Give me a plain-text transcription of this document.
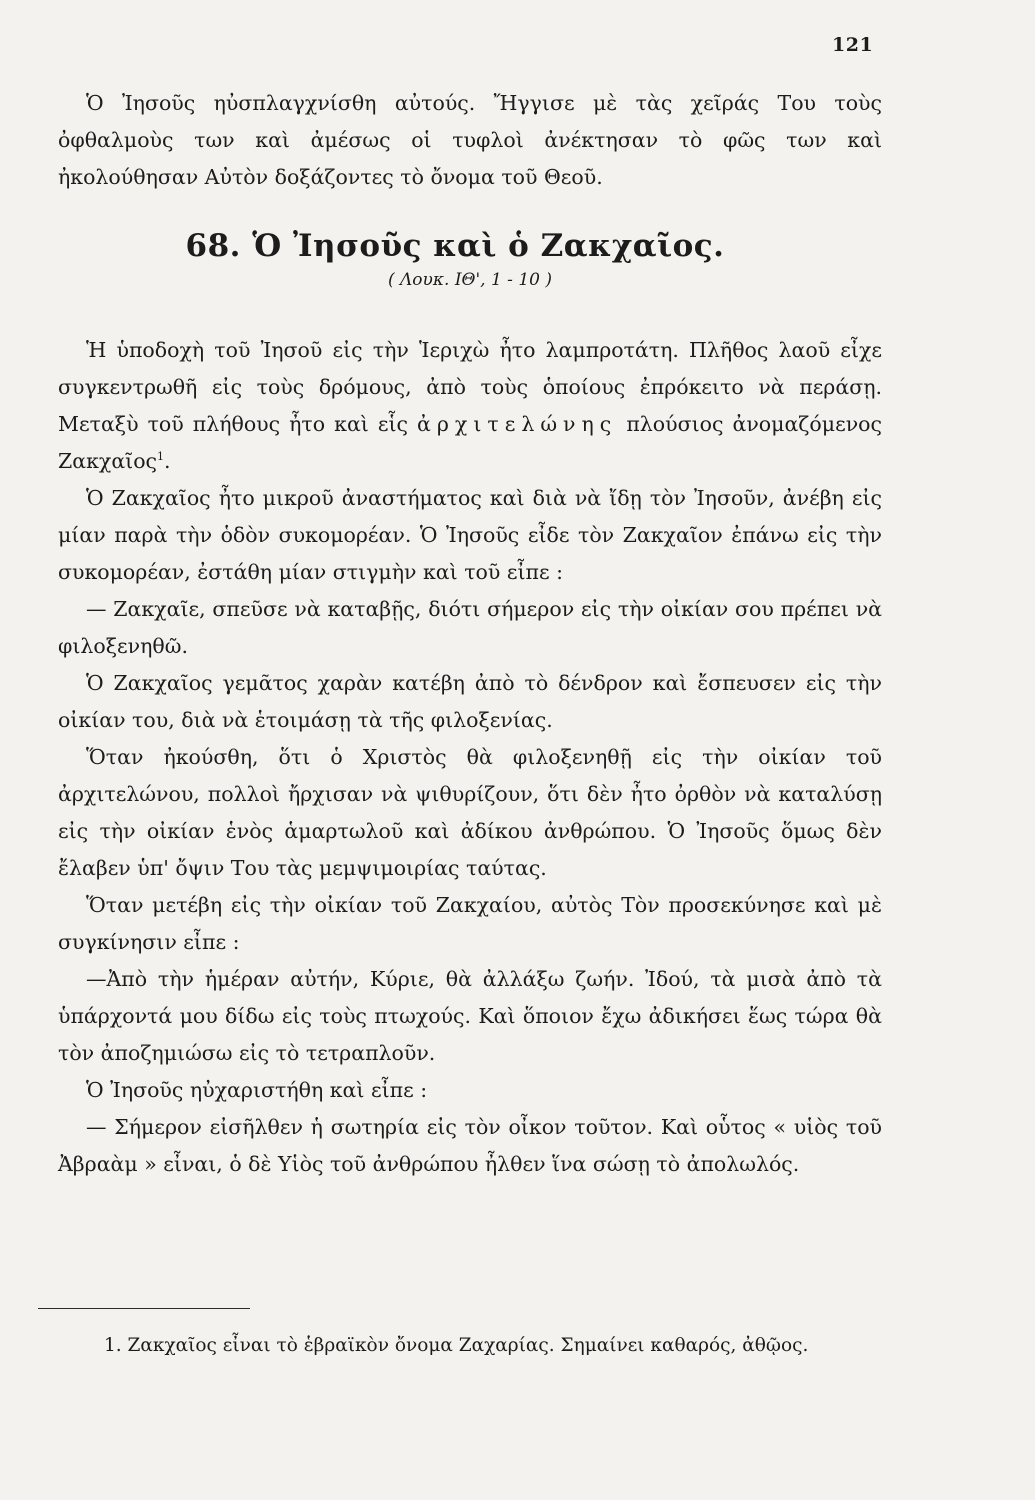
121

Ὁ Ἰησοῦς ηὐσπλαγχνίσθη αὐτούς. Ἤγγισε μὲ τὰς χεῖράς Του τοὺς ὀφθαλμοὺς των καὶ ἀμέσως οἱ τυφλοὶ ἀνέκτησαν τὸ φῶς των καὶ ἠκολούθησαν Αὐτὸν δοξάζοντες τὸ ὄνομα τοῦ Θεοῦ.

68. Ὁ Ἰησοῦς καὶ ὁ Ζακχαῖος.
( Λουκ. ΙΘ', 1 - 10 )

Ἡ ὑποδοχὴ τοῦ Ἰησοῦ εἰς τὴν Ἱεριχὼ ἦτο λαμπροτάτη. Πλῆθος λαοῦ εἶχε συγκεντρωθῆ εἰς τοὺς δρόμους, ἀπὸ τοὺς ὁποίους ἐπρόκειτο νὰ περάσῃ. Μεταξὺ τοῦ πλήθους ἦτο καὶ εἷς ἀρχιτελώνης πλούσιος ἀνομαζόμενος Ζακχαῖος$^1$.

Ὁ Ζακχαῖος ἦτο μικροῦ ἀναστήματος καὶ διὰ νὰ ἴδῃ τὸν Ἰησοῦν, ἀνέβη εἰς μίαν παρὰ τὴν ὁδὸν συκομορέαν. Ὁ Ἰησοῦς εἶδε τὸν Ζακχαῖον ἐπάνω εἰς τὴν συκομορέαν, ἐστάθη μίαν στιγμὴν καὶ τοῦ εἶπε :

— Ζακχαῖε, σπεῦσε νὰ καταβῇς, διότι σήμερον εἰς τὴν οἰκίαν σου πρέπει νὰ φιλοξενηθῶ.

Ὁ Ζακχαῖος γεμᾶτος χαρὰν κατέβη ἀπὸ τὸ δένδρον καὶ ἔσπευσεν εἰς τὴν οἰκίαν του, διὰ νὰ ἑτοιμάσῃ τὰ τῆς φιλοξενίας.

Ὅταν ἠκούσθη, ὅτι ὁ Χριστὸς θὰ φιλοξενηθῇ εἰς τὴν οἰκίαν τοῦ ἀρχιτελώνου, πολλοὶ ἤρχισαν νὰ ψιθυρίζουν, ὅτι δὲν ἦτο ὀρθὸν νὰ καταλύσῃ εἰς τὴν οἰκίαν ἑνὸς ἁμαρτωλοῦ καὶ ἀδίκου ἀνθρώπου. Ὁ Ἰησοῦς ὅμως δὲν ἔλαβεν ὑπ' ὄψιν Του τὰς μεμψιμοιρίας ταύτας.

Ὅταν μετέβη εἰς τὴν οἰκίαν τοῦ Ζακχαίου, αὐτὸς Τὸν προσεκύνησε καὶ μὲ συγκίνησιν εἶπε :

—Ἀπὸ τὴν ἡμέραν αὐτήν, Κύριε, θὰ ἀλλάξω ζωήν. Ἰδού, τὰ μισὰ ἀπὸ τὰ ὑπάρχοντά μου δίδω εἰς τοὺς πτωχούς. Καὶ ὅποιον ἔχω ἀδικήσει ἕως τώρα θὰ τὸν ἀποζημιώσω εἰς τὸ τετραπλοῦν.

Ὁ Ἰησοῦς ηὐχαριστήθη καὶ εἶπε :

— Σήμερον εἰσῆλθεν ἡ σωτηρία εἰς τὸν οἶκον τοῦτον. Καὶ οὗτος « υἱὸς τοῦ Ἀβραὰμ » εἶναι, ὁ δὲ Υἱὸς τοῦ ἀνθρώπου ἦλθεν ἵνα σώσῃ τὸ ἀπολωλός.

1. Ζακχαῖος εἶναι τὸ ἑβραϊκὸν ὄνομα Ζαχαρίας. Σημαίνει καθαρός, ἀθῷος.
